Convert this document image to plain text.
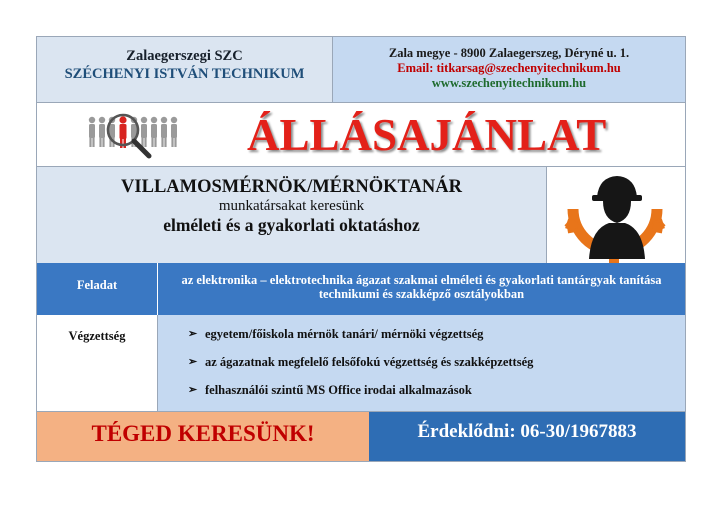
Zalaegerszegi SZC
SZÉCHENYI ISTVÁN TECHNIKUM
Zala megye - 8900 Zalaegerszeg, Déryné u. 1.
Email: titkarsag@szechenyitechnikum.hu
www.szechenyitechnikum.hu
ÁLLÁSAJÁNLAT
VILLAMOSMÉRNÖK/MÉRNÖKTANÁR
munkatársakat keresünk
elméleti és a gyakorlati oktatáshoz
Feladat	az elektronika – elektrotechnika ágazat szakmai elméleti és gyakorlati tantárgyak tanítása technikumi és szakképző osztályokban
Végzettség	➢ egyetem/főiskola mérnök tanári/ mérnöki végzettség
➢ az ágazatnak megfelelő felsőfokú végzettség és szakképzettség
➢ felhasználói szintű MS Office irodai alkalmazások
TÉGED KERESÜNK!	Érdeklődni: 06-30/1967883
